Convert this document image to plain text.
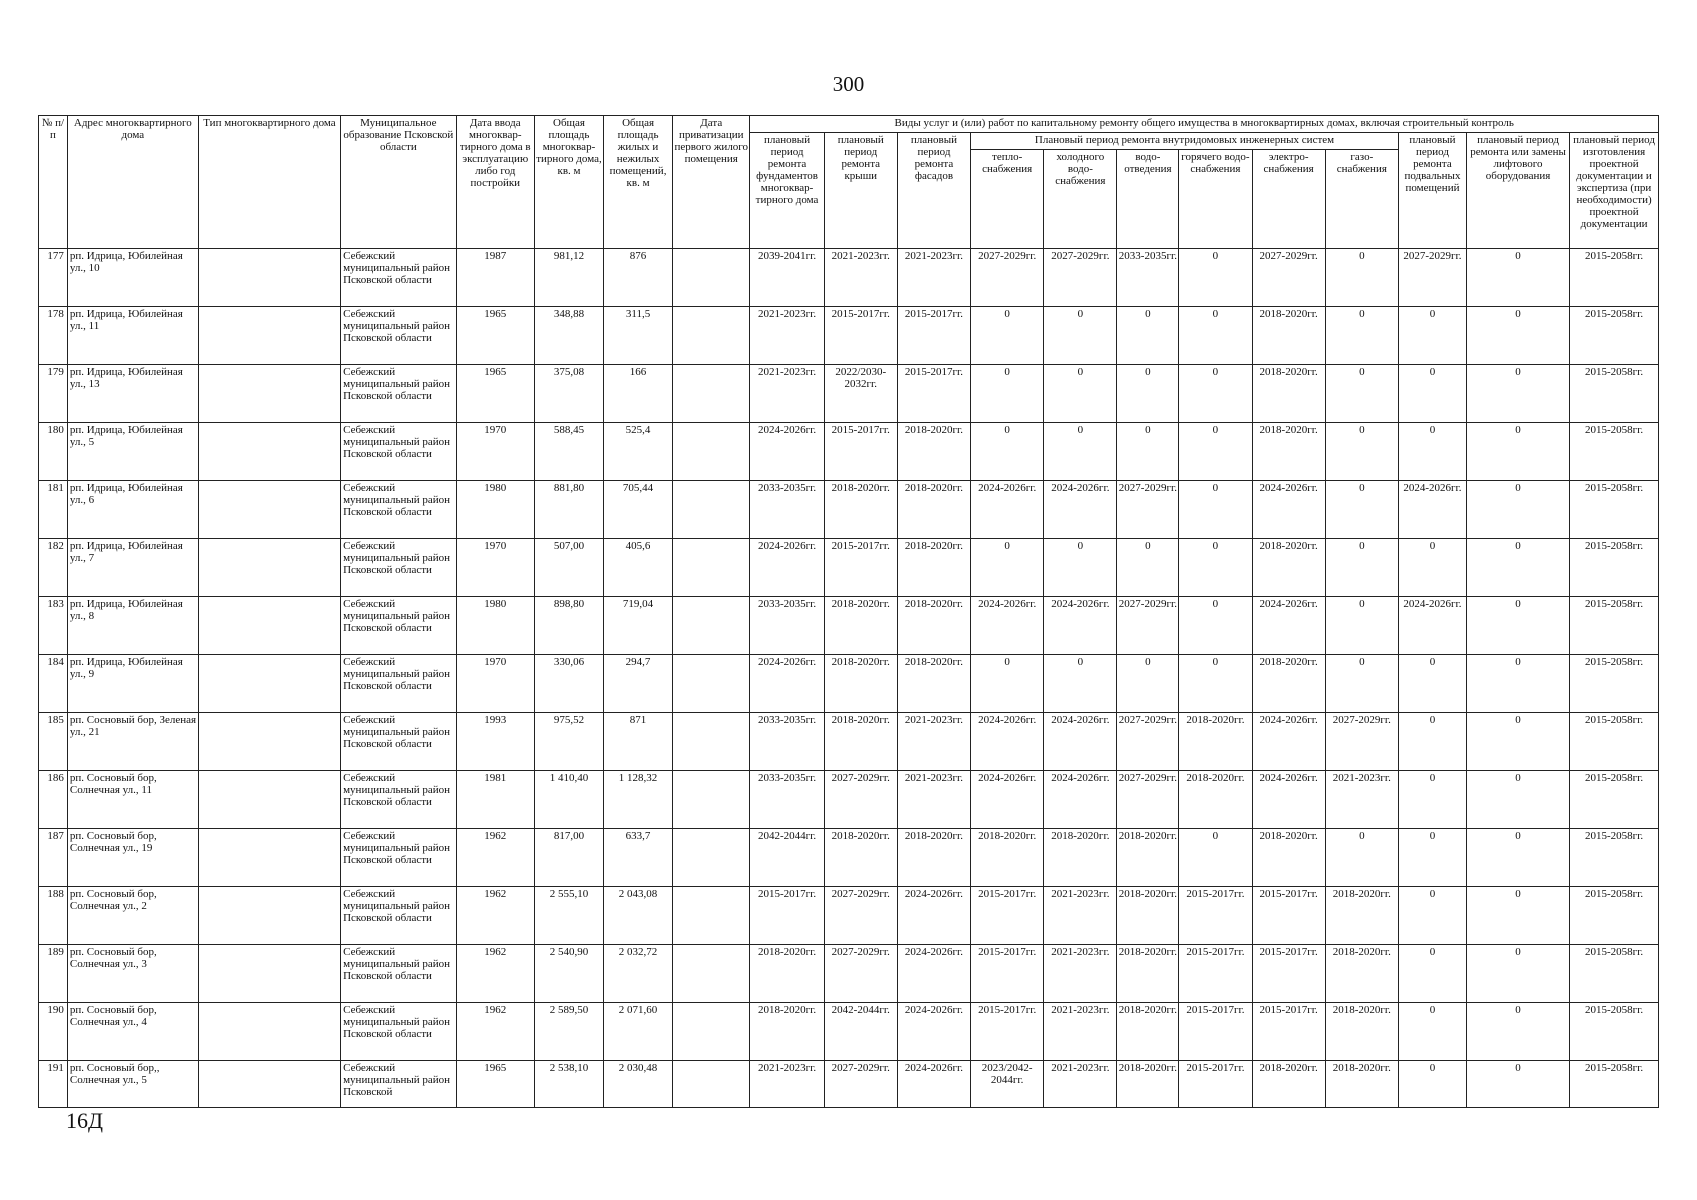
300
№ п/п	Адрес многоквартирного дома	Тип многоквартирного дома	Муниципальное образование Псковской области	Дата ввода многоквар-тирного дома в эксплуатацию либо год постройки	Общая площадь многоквар-тирного дома, кв. м	Общая площадь жилых и нежилых помещений, кв. м	Дата приватизации первого жилого помещения	Виды услуг и (или) работ по капитальному ремонту общего имущества в многоквартирных домах, включая строительный контроль											
								плановый период ремонта фундаментов многоквар-тирного дома	плановый период ремонта крыши	плановый период ремонта фасадов	Плановый период ремонта внутридомовых инженерных систем						плановый период ремонта подвальных помещений	плановый период ремонта или замены лифтового оборудования	плановый период изготовления проектной документации и экспертиза (при необходимости) проектной документации
											тепло-снабжения	холодного водо-снабжения	водо-отведения	горячего водо-снабжения	электро-снабжения	газо-снабжения			
177	рп. Идрица, Юбилейная ул., 10		Себежский муниципальный район Псковской области	1987	981,12	876		2039-2041гг.	2021-2023гг.	2021-2023гг.	2027-2029гг.	2027-2029гг.	2033-2035гг.	0	2027-2029гг.	0	2027-2029гг.	0	2015-2058гг.
178	рп. Идрица, Юбилейная ул., 11		Себежский муниципальный район Псковской области	1965	348,88	311,5		2021-2023гг.	2015-2017гг.	2015-2017гг.	0	0	0	0	2018-2020гг.	0	0	0	2015-2058гг.
179	рп. Идрица, Юбилейная ул., 13		Себежский муниципальный район Псковской области	1965	375,08	166		2021-2023гг.	2022/2030-2032гг.	2015-2017гг.	0	0	0	0	2018-2020гг.	0	0	0	2015-2058гг.
180	рп. Идрица, Юбилейная ул., 5		Себежский муниципальный район Псковской области	1970	588,45	525,4		2024-2026гг.	2015-2017гг.	2018-2020гг.	0	0	0	0	2018-2020гг.	0	0	0	2015-2058гг.
181	рп. Идрица, Юбилейная ул., 6		Себежский муниципальный район Псковской области	1980	881,80	705,44		2033-2035гг.	2018-2020гг.	2018-2020гг.	2024-2026гг.	2024-2026гг.	2027-2029гг.	0	2024-2026гг.	0	2024-2026гг.	0	2015-2058гг.
182	рп. Идрица, Юбилейная ул., 7		Себежский муниципальный район Псковской области	1970	507,00	405,6		2024-2026гг.	2015-2017гг.	2018-2020гг.	0	0	0	0	2018-2020гг.	0	0	0	2015-2058гг.
183	рп. Идрица, Юбилейная ул., 8		Себежский муниципальный район Псковской области	1980	898,80	719,04		2033-2035гг.	2018-2020гг.	2018-2020гг.	2024-2026гг.	2024-2026гг.	2027-2029гг.	0	2024-2026гг.	0	2024-2026гг.	0	2015-2058гг.
184	рп. Идрица, Юбилейная ул., 9		Себежский муниципальный район Псковской области	1970	330,06	294,7		2024-2026гг.	2018-2020гг.	2018-2020гг.	0	0	0	0	2018-2020гг.	0	0	0	2015-2058гг.
185	рп. Сосновый бор, Зеленая ул., 21		Себежский муниципальный район Псковской области	1993	975,52	871		2033-2035гг.	2018-2020гг.	2021-2023гг.	2024-2026гг.	2024-2026гг.	2027-2029гг.	2018-2020гг.	2024-2026гг.	2027-2029гг.	0	0	2015-2058гг.
186	рп. Сосновый бор, Солнечная ул., 11		Себежский муниципальный район Псковской области	1981	1 410,40	1 128,32		2033-2035гг.	2027-2029гг.	2021-2023гг.	2024-2026гг.	2024-2026гг.	2027-2029гг.	2018-2020гг.	2024-2026гг.	2021-2023гг.	0	0	2015-2058гг.
187	рп. Сосновый бор, Солнечная ул., 19		Себежский муниципальный район Псковской области	1962	817,00	633,7		2042-2044гг.	2018-2020гг.	2018-2020гг.	2018-2020гг.	2018-2020гг.	2018-2020гг.	0	2018-2020гг.	0	0	0	2015-2058гг.
188	рп. Сосновый бор, Солнечная ул., 2		Себежский муниципальный район Псковской области	1962	2 555,10	2 043,08		2015-2017гг.	2027-2029гг.	2024-2026гг.	2015-2017гг.	2021-2023гг.	2018-2020гг.	2015-2017гг.	2015-2017гг.	2018-2020гг.	0	0	2015-2058гг.
189	рп. Сосновый бор, Солнечная ул., 3		Себежский муниципальный район Псковской области	1962	2 540,90	2 032,72		2018-2020гг.	2027-2029гг.	2024-2026гг.	2015-2017гг.	2021-2023гг.	2018-2020гг.	2015-2017гг.	2015-2017гг.	2018-2020гг.	0	0	2015-2058гг.
190	рп. Сосновый бор, Солнечная ул., 4		Себежский муниципальный район Псковской области	1962	2 589,50	2 071,60		2018-2020гг.	2042-2044гг.	2024-2026гг.	2015-2017гг.	2021-2023гг.	2018-2020гг.	2015-2017гг.	2015-2017гг.	2018-2020гг.	0	0	2015-2058гг.
191	рп. Сосновый бор,, Солнечная ул., 5		Себежский муниципальный район Псковской	1965	2 538,10	2 030,48		2021-2023гг.	2027-2029гг.	2024-2026гг.	2023/2042-2044гг.	2021-2023гг.	2018-2020гг.	2015-2017гг.	2018-2020гг.	2018-2020гг.	0	0	2015-2058гг.
16Д
